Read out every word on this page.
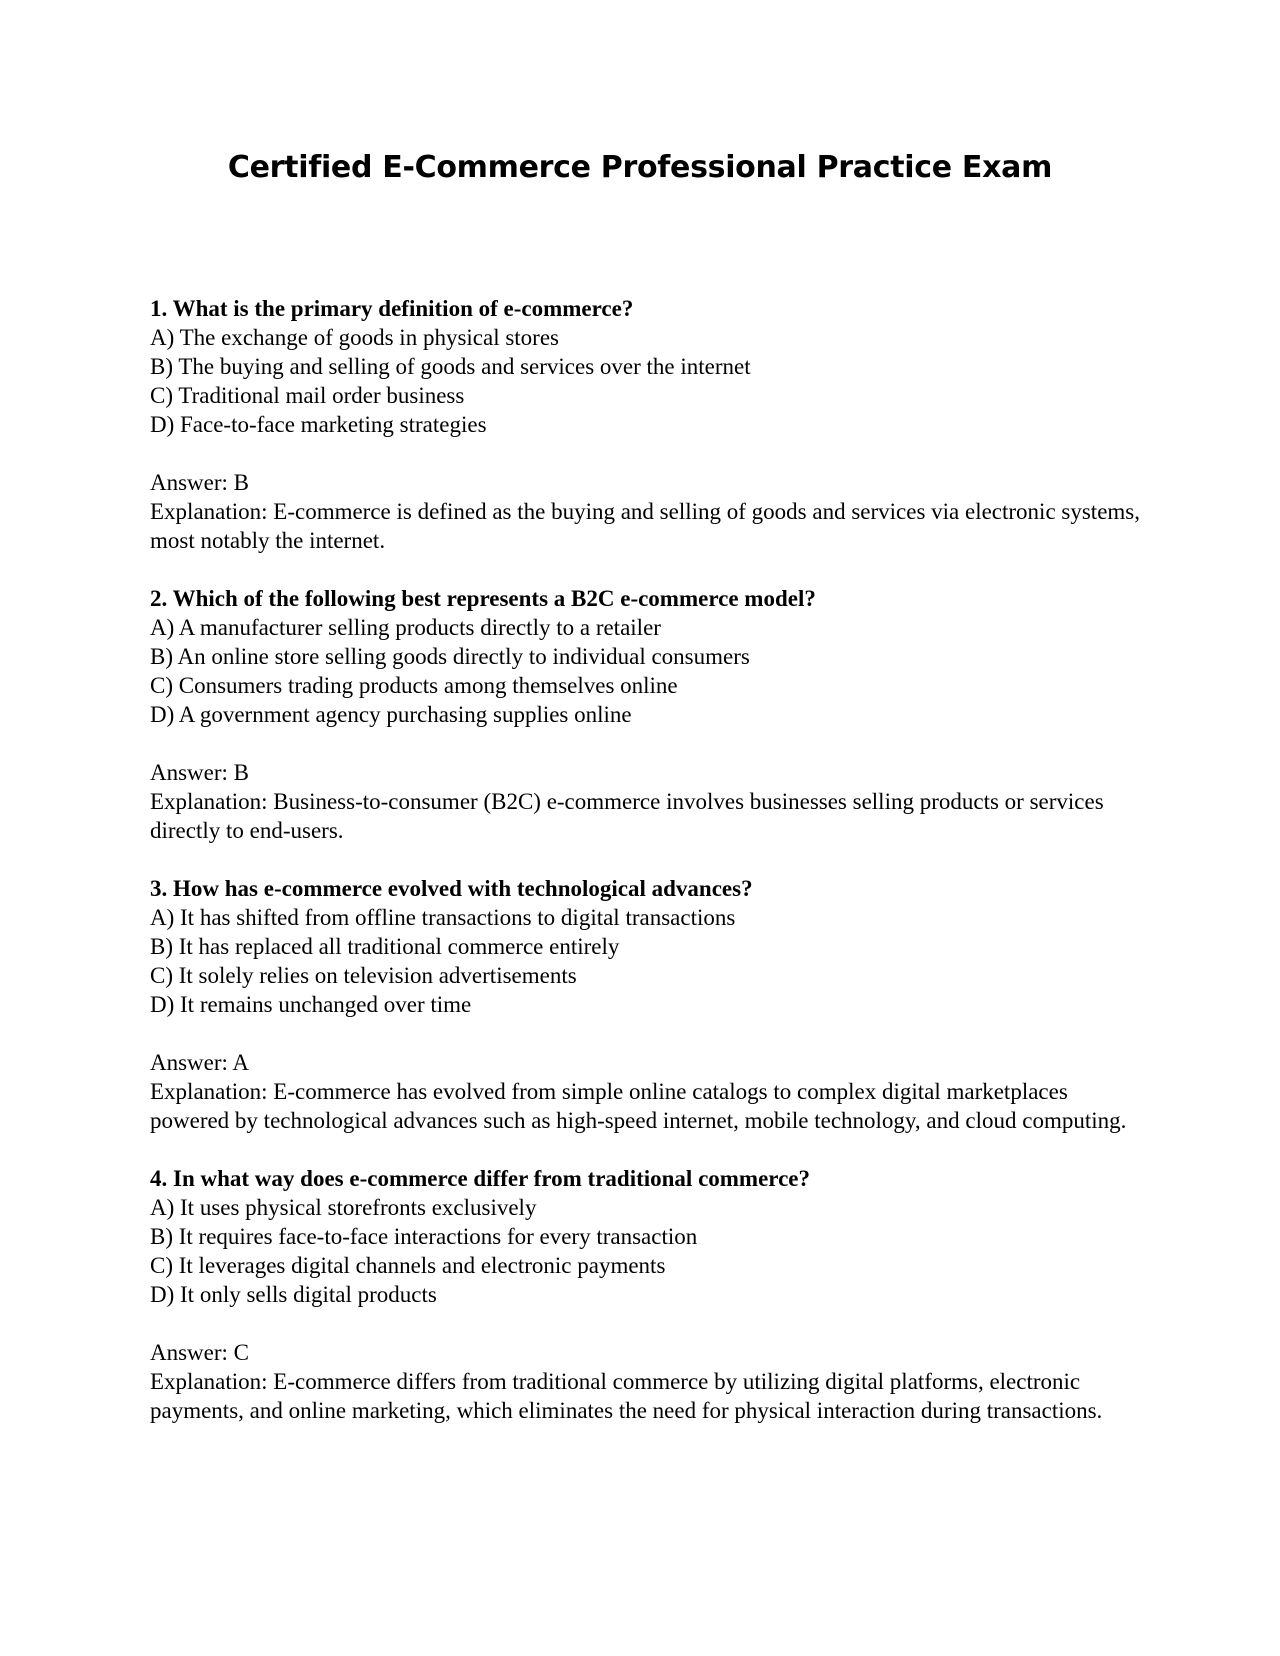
Certified E-Commerce Professional Practice Exam
1. What is the primary definition of e-commerce?
A) The exchange of goods in physical stores
B) The buying and selling of goods and services over the internet
C) Traditional mail order business
D) Face-to-face marketing strategies
Answer: B
Explanation: E-commerce is defined as the buying and selling of goods and services via electronic systems, most notably the internet.
2. Which of the following best represents a B2C e-commerce model?
A) A manufacturer selling products directly to a retailer
B) An online store selling goods directly to individual consumers
C) Consumers trading products among themselves online
D) A government agency purchasing supplies online
Answer: B
Explanation: Business-to-consumer (B2C) e-commerce involves businesses selling products or services directly to end-users.
3. How has e-commerce evolved with technological advances?
A) It has shifted from offline transactions to digital transactions
B) It has replaced all traditional commerce entirely
C) It solely relies on television advertisements
D) It remains unchanged over time
Answer: A
Explanation: E-commerce has evolved from simple online catalogs to complex digital marketplaces powered by technological advances such as high-speed internet, mobile technology, and cloud computing.
4. In what way does e-commerce differ from traditional commerce?
A) It uses physical storefronts exclusively
B) It requires face-to-face interactions for every transaction
C) It leverages digital channels and electronic payments
D) It only sells digital products
Answer: C
Explanation: E-commerce differs from traditional commerce by utilizing digital platforms, electronic payments, and online marketing, which eliminates the need for physical interaction during transactions.
